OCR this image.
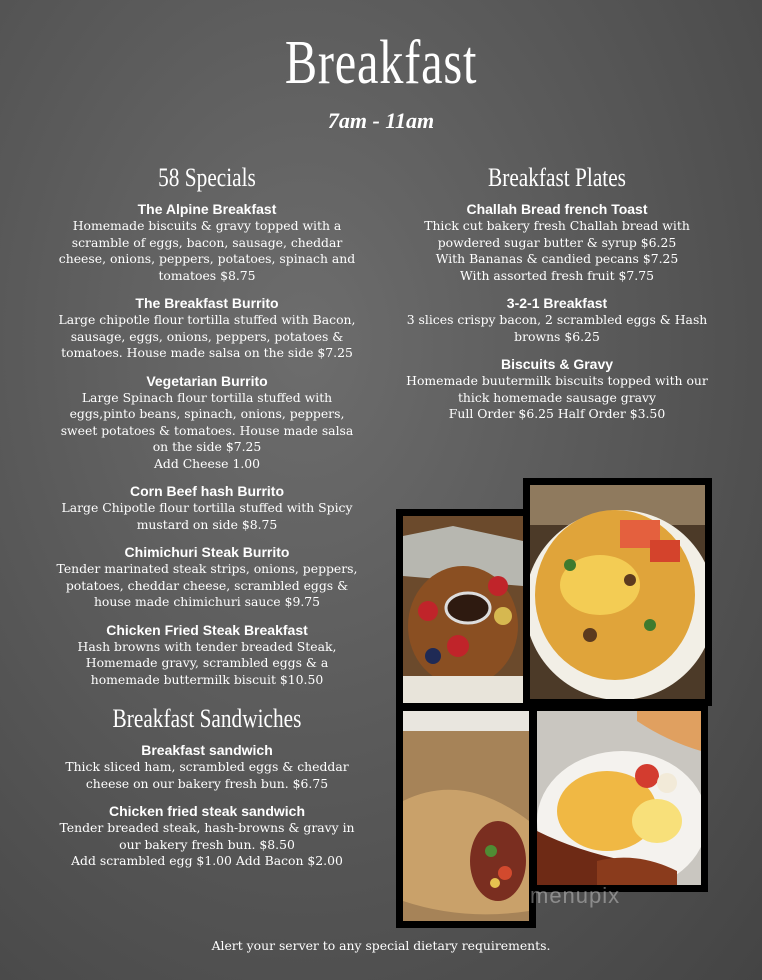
Breakfast
7am - 11am
58 Specials
The Alpine Breakfast
Homemade biscuits & gravy topped with a
scramble of eggs, bacon, sausage, cheddar
cheese, onions, peppers, potatoes, spinach and
tomatoes $8.75
The Breakfast Burrito
Large chipotle flour tortilla stuffed with Bacon,
sausage, eggs, onions, peppers, potatoes &
tomatoes. House made salsa on the side $7.25
Vegetarian Burrito
Large Spinach flour tortilla stuffed with
eggs,pinto beans, spinach, onions, peppers,
sweet potatoes & tomatoes. House made salsa
on the side $7.25
Add Cheese 1.00
Corn Beef hash Burrito
Large Chipotle flour tortilla stuffed with Spicy
mustard on side $8.75
Chimichuri Steak Burrito
Tender marinated steak strips, onions, peppers,
potatoes, cheddar cheese, scrambled eggs &
house made chimichuri sauce $9.75
Chicken Fried Steak Breakfast
Hash browns with tender breaded Steak,
Homemade gravy, scrambled eggs & a
homemade buttermilk biscuit $10.50
Breakfast Sandwiches
Breakfast sandwich
Thick sliced ham, scrambled eggs & cheddar
cheese on our bakery fresh bun. $6.75
Chicken fried steak sandwich
Tender breaded steak, hash-browns & gravy in
our bakery fresh bun. $8.50
Add scrambled egg $1.00 Add Bacon $2.00
Breakfast Plates
Challah Bread french Toast
Thick cut bakery fresh Challah bread with
powdered sugar butter & syrup $6.25
With Bananas & candied pecans $7.25
With assorted fresh fruit $7.75
3-2-1 Breakfast
3 slices crispy bacon, 2 scrambled eggs & Hash
browns $6.25
Biscuits & Gravy
Homemade buutermilk biscuits topped with our
thick homemade sausage gravy
Full Order $6.25 Half Order $3.50
menupix
Alert your server to any special dietary requirements.
